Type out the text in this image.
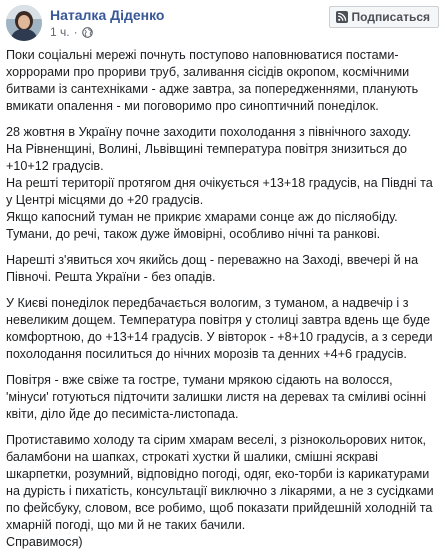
Наталка Діденко
1 ч. ·
Подписаться

Поки соціальні мережі почнуть поступово наповнюватися постами-
хоррорами про прориви труб, заливання сісідів окропом, космічними
битвами із сантехніками - адже завтра, за попередженнями, планують
вмикати опалення - ми поговоримо про синоптичний понеділок.

28 жовтня в Україну почне заходити похолодання з північного заходу.
На Рівненщині, Волині, Львівщині температура повітря знизиться до
+10+12 градусів.
На решті території протягом дня очікується +13+18 градусів, на Півдні та
у Центрі місцями до +20 градусів.
Якщо капосний туман не прикриє хмарами сонце аж до післяобіду.
Тумани, до речі, також дуже ймовірні, особливо нічні та ранкові.

Нарешті з'явиться хоч якийсь дощ - переважно на Заході, ввечері й на
Півночі. Решта України - без опадів.

У Києві понеділок передбачається вологим, з туманом, а надвечір і з
невеликим дощем. Температура повітря у столиці завтра вдень ще буде
комфортною, до +13+14 градусів. У вівторок - +8+10 градусів, а з середи
похолодання посилиться до нічних морозів та денних +4+6 градусів.

Повітря - вже свіже та гостре, тумани мрякою сідають на волосся,
'мінуси' готуються підточити залишки листя на деревах та сміливі осінні
квіти, діло йде до песимістa-листопада.

Протиставимо холоду та сірим хмарам веселі, з різнокольорових ниток,
баламбони на шапках, строкаті хустки й шалики, смішні яскраві
шкарпетки, розумний, відповідно погоді, одяг, еко-торби із карикатурами
на дурість і пихатість, консультації виключно з лікарями, а не з сусідками
по фейсбуку, словом, все робимо, щоб показати прийдешній холодній та
хмарній погоді, що ми й не таких бачили.
Справимося)
